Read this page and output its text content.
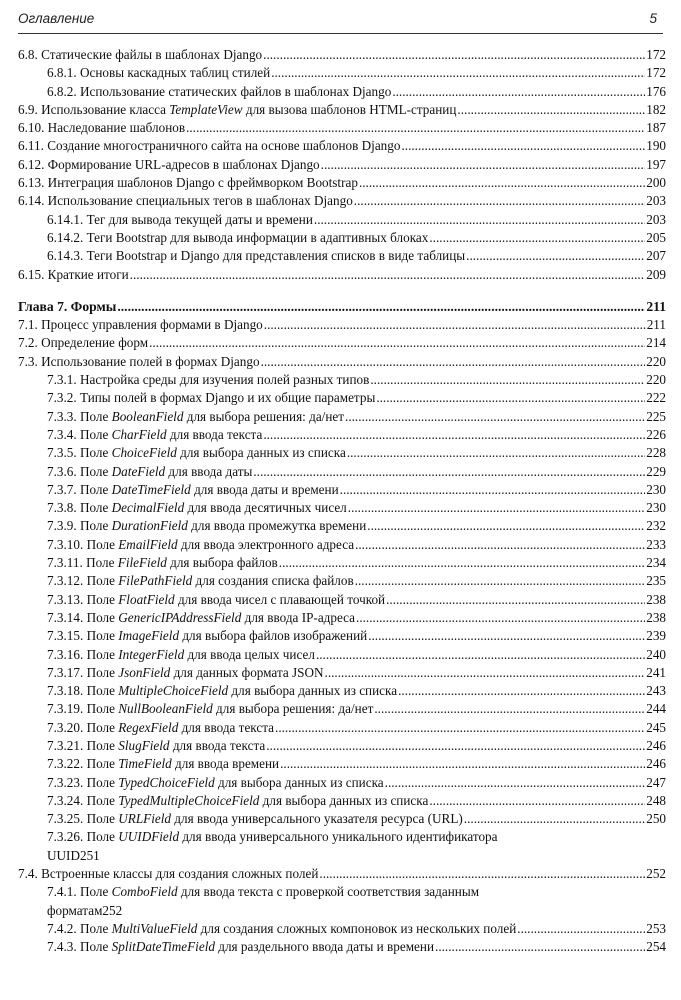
Оглавление	5
6.8. Статические файлы в шаблонах Django .....	172
6.8.1. Основы каскадных таблиц стилей .....	172
6.8.2. Использование статических файлов в шаблонах Django .....	176
6.9. Использование класса TemplateView для вызова шаблонов HTML-страниц .....	182
6.10. Наследование шаблонов .....	187
6.11. Создание многостраничного сайта на основе шаблонов Django .....	190
6.12. Формирование URL-адресов в шаблонах Django .....	197
6.13. Интеграция шаблонов Django с фреймворком Bootstrap .....	200
6.14. Использование специальных тегов в шаблонах Django .....	203
6.14.1. Тег для вывода текущей даты и времени .....	203
6.14.2. Теги Bootstrap для вывода информации в адаптивных блоках .....	205
6.14.3. Теги Bootstrap и Django для представления списков в виде таблицы .....	207
6.15. Краткие итоги .....	209
Глава 7. Формы .....	211
7.1. Процесс управления формами в Django .....	211
7.2. Определение форм .....	214
7.3. Использование полей в формах Django .....	220
7.3.1. Настройка среды для изучения полей разных типов .....	220
7.3.2. Типы полей в формах Django и их общие параметры .....	222
7.3.3. Поле BooleanField для выбора решения: да/нет .....	225
7.3.4. Поле CharField для ввода текста .....	226
7.3.5. Поле ChoiceField для выбора данных из списка .....	228
7.3.6. Поле DateField для ввода даты .....	229
7.3.7. Поле DateTimeField для ввода даты и времени .....	230
7.3.8. Поле DecimalField для ввода десятичных чисел .....	230
7.3.9. Поле DurationField для ввода промежутка времени .....	232
7.3.10. Поле EmailField для ввода электронного адреса .....	233
7.3.11. Поле FileField для выбора файлов .....	234
7.3.12. Поле FilePathField для создания списка файлов .....	235
7.3.13. Поле FloatField для ввода чисел с плавающей точкой .....	238
7.3.14. Поле GenericIPAddressField для ввода IP-адреса .....	238
7.3.15. Поле ImageField для выбора файлов изображений .....	239
7.3.16. Поле IntegerField для ввода целых чисел .....	240
7.3.17. Поле JsonField для данных формата JSON .....	241
7.3.18. Поле MultipleChoiceField для выбора данных из списка .....	243
7.3.19. Поле NullBooleanField для выбора решения: да/нет .....	244
7.3.20. Поле RegexField для ввода текста .....	245
7.3.21. Поле SlugField для ввода текста .....	246
7.3.22. Поле TimeField для ввода времени .....	246
7.3.23. Поле TypedChoiceField для выбора данных из списка .....	247
7.3.24. Поле TypedMultipleChoiceField для выбора данных из списка .....	248
7.3.25. Поле URLField для ввода универсального указателя ресурса (URL) .....	250
7.3.26. Поле UUIDField для ввода универсального уникального идентификатора
UUID 251
7.4. Встроенные классы для создания сложных полей .....	252
7.4.1. Поле ComboField для ввода текста с проверкой соответствия заданным
форматам 252
7.4.2. Поле MultiValueField для создания сложных компоновок из нескольких полей .....	253
7.4.3. Поле SplitDateTimeField для раздельного ввода даты и времени .....	254
